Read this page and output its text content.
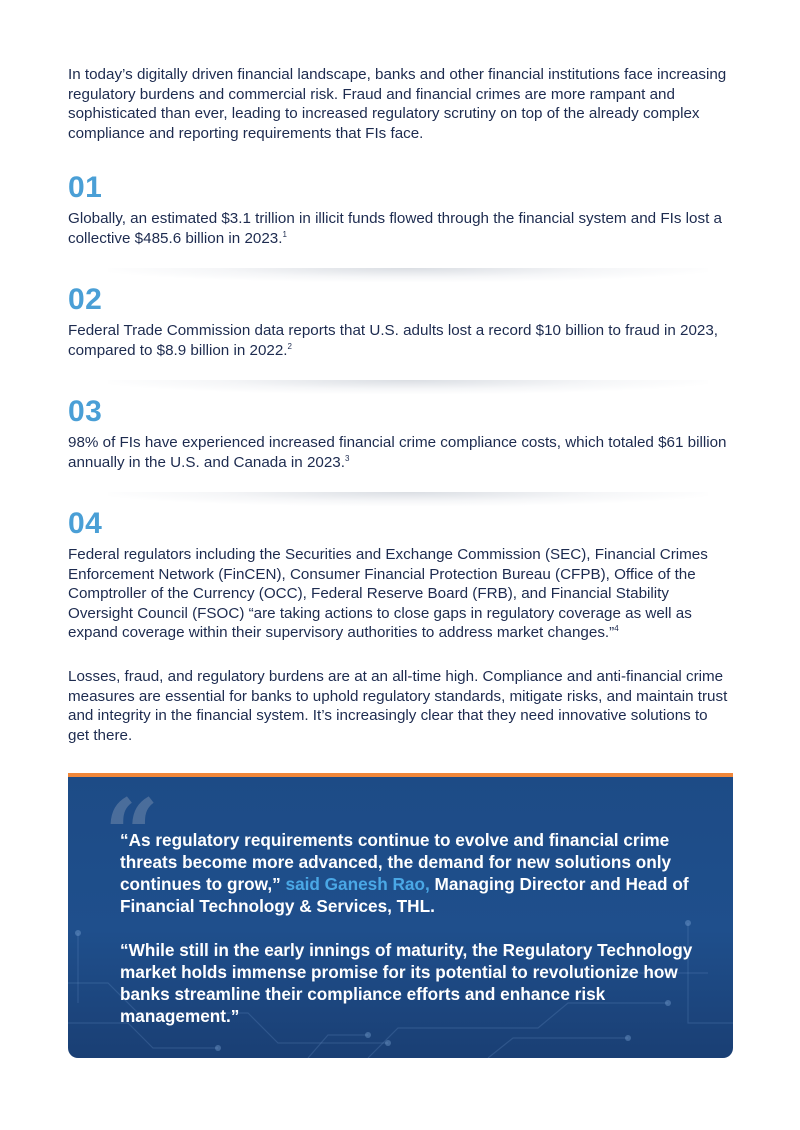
In today’s digitally driven financial landscape, banks and other financial institutions face increasing regulatory burdens and commercial risk. Fraud and financial crimes are more rampant and sophisticated than ever, leading to increased regulatory scrutiny on top of the already complex compliance and reporting requirements that FIs face.

01

Globally, an estimated $3.1 trillion in illicit funds flowed through the financial system and FIs lost a collective $485.6 billion in 2023.$^1$

02

Federal Trade Commission data reports that U.S. adults lost a record $10 billion to fraud in 2023, compared to $8.9 billion in 2022.$^2$

03

98% of FIs have experienced increased financial crime compliance costs, which totaled $61 billion annually in the U.S. and Canada in 2023.$^3$

04

Federal regulators including the Securities and Exchange Commission (SEC), Financial Crimes Enforcement Network (FinCEN), Consumer Financial Protection Bureau (CFPB), Office of the Comptroller of the Currency (OCC), Federal Reserve Board (FRB), and Financial Stability Oversight Council (FSOC) “are taking actions to close gaps in regulatory coverage as well as expand coverage within their supervisory authorities to address market changes.”$^4$

Losses, fraud, and regulatory burdens are at an all-time high. Compliance and anti-financial crime measures are essential for banks to uphold regulatory standards, mitigate risks, and maintain trust and integrity in the financial system. It’s increasingly clear that they need innovative solutions to get there.

“

“As regulatory requirements continue to evolve and financial crime threats become more advanced, the demand for new solutions only continues to grow,” said Ganesh Rao, Managing Director and Head of Financial Technology & Services, THL.

“While still in the early innings of maturity, the Regulatory Technology market holds immense promise for its potential to revolutionize how banks streamline their compliance efforts and enhance risk management.”
